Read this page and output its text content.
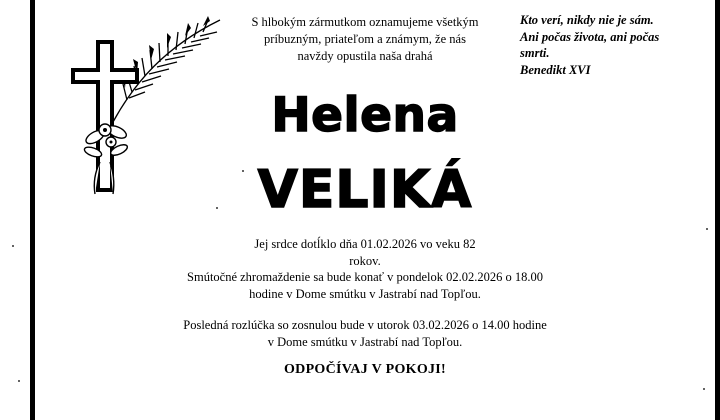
S hlbokým zármutkom oznamujeme všetkým
príbuzným, priateľom a známym, že nás
navždy opustila naša drahá
Kto verí, nikdy nie je sám.
Ani počas života, ani počas
smrti.
Benedikt XVI
Helena
VELIKÁ

Jej srdce dotĺklo dňa 01.02.2026 vo veku 82

rokov.

Smútočné zhromaždenie sa bude konať v pondelok 02.02.2026 o 18.00

hodine v Dome smútku v Jastrabí nad Topľou.

Posledná rozlúčka so zosnulou bude v utorok 03.02.2026 o 14.00 hodine

v Dome smútku v Jastrabí nad Topľou.

ODPOČÍVAJ V POKOJI!
